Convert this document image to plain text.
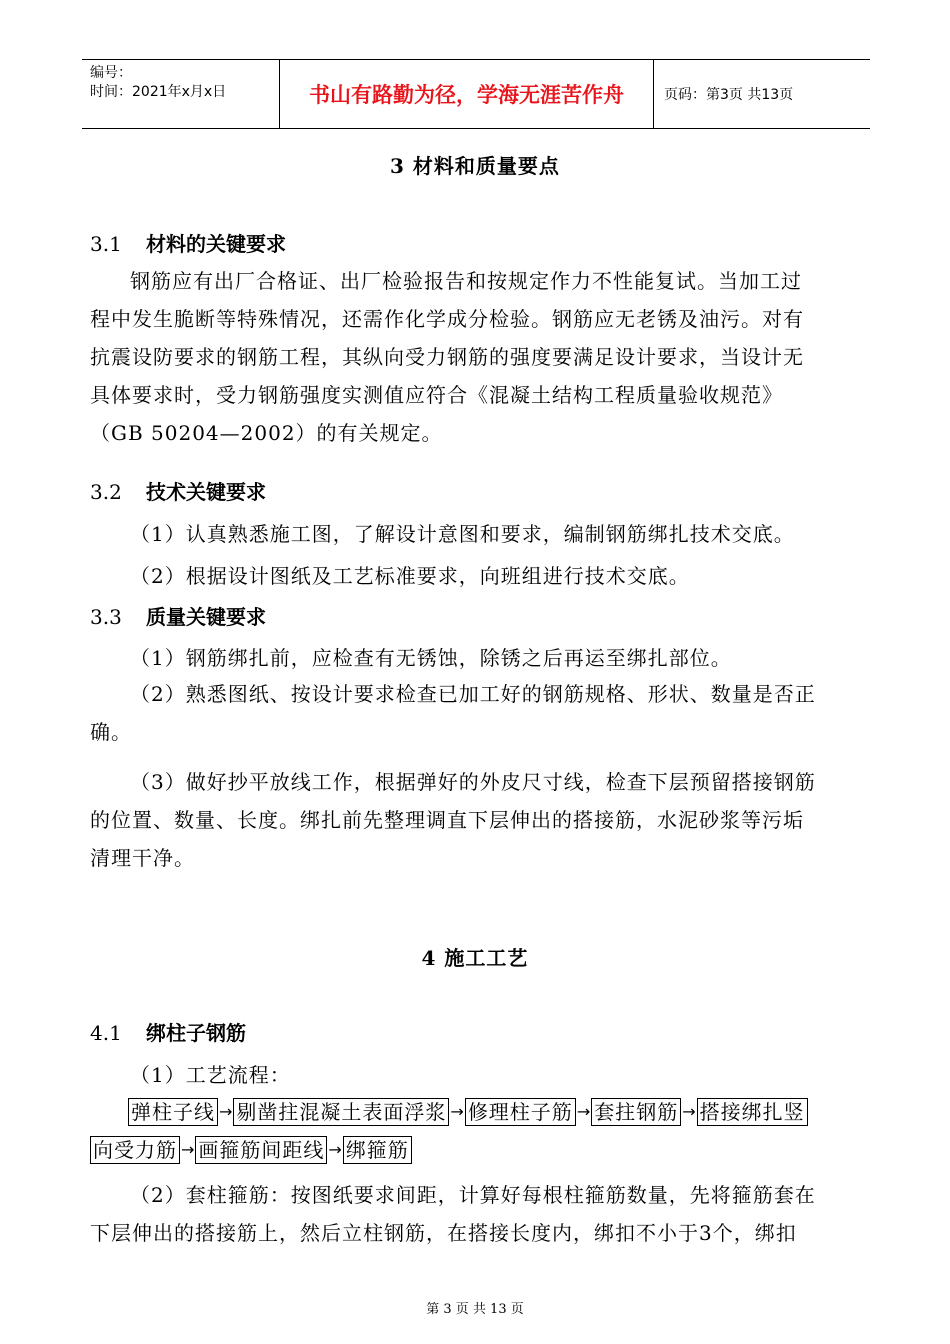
编号：
时间：2021年x月x日	书山有路勤为径，学海无涯苦作舟	页码：第3页 共13页
3 材料和质量要点
3.1 材料的关键要求
钢筋应有出厂合格证、出厂检验报告和按规定作力不性能复试。当加工过
程中发生脆断等特殊情况，还需作化学成分检验。钢筋应无老锈及油污。对有
抗震设防要求的钢筋工程，其纵向受力钢筋的强度要满足设计要求，当设计无
具体要求时，受力钢筋强度实测值应符合《混凝土结构工程质量验收规范》
（GB 50204—2002）的有关规定。
3.2 技术关键要求
（1）认真熟悉施工图，了解设计意图和要求，编制钢筋绑扎技术交底。
（2）根据设计图纸及工艺标准要求，向班组进行技术交底。
3.3 质量关键要求
（1）钢筋绑扎前，应检查有无锈蚀，除锈之后再运至绑扎部位。
（2）熟悉图纸、按设计要求检查已加工好的钢筋规格、形状、数量是否正
确。
（3）做好抄平放线工作，根据弹好的外皮尺寸线，检查下层预留搭接钢筋
的位置、数量、长度。绑扎前先整理调直下层伸出的搭接筋，水泥砂浆等污垢
清理干净。
4 施工工艺
4.1 绑柱子钢筋
（1）工艺流程：
弹柱子线 → 剔凿拄混凝土表面浮浆 → 修理柱子筋 → 套拄钢筋 → 搭接绑扎竖
向受力筋 → 画箍筋间距线 → 绑箍筋
（2）套柱箍筋：按图纸要求间距，计算好每根柱箍筋数量，先将箍筋套在
下层伸出的搭接筋上，然后立柱钢筋，在搭接长度内，绑扣不小于3个，绑扣
第 3 页 共 13 页
